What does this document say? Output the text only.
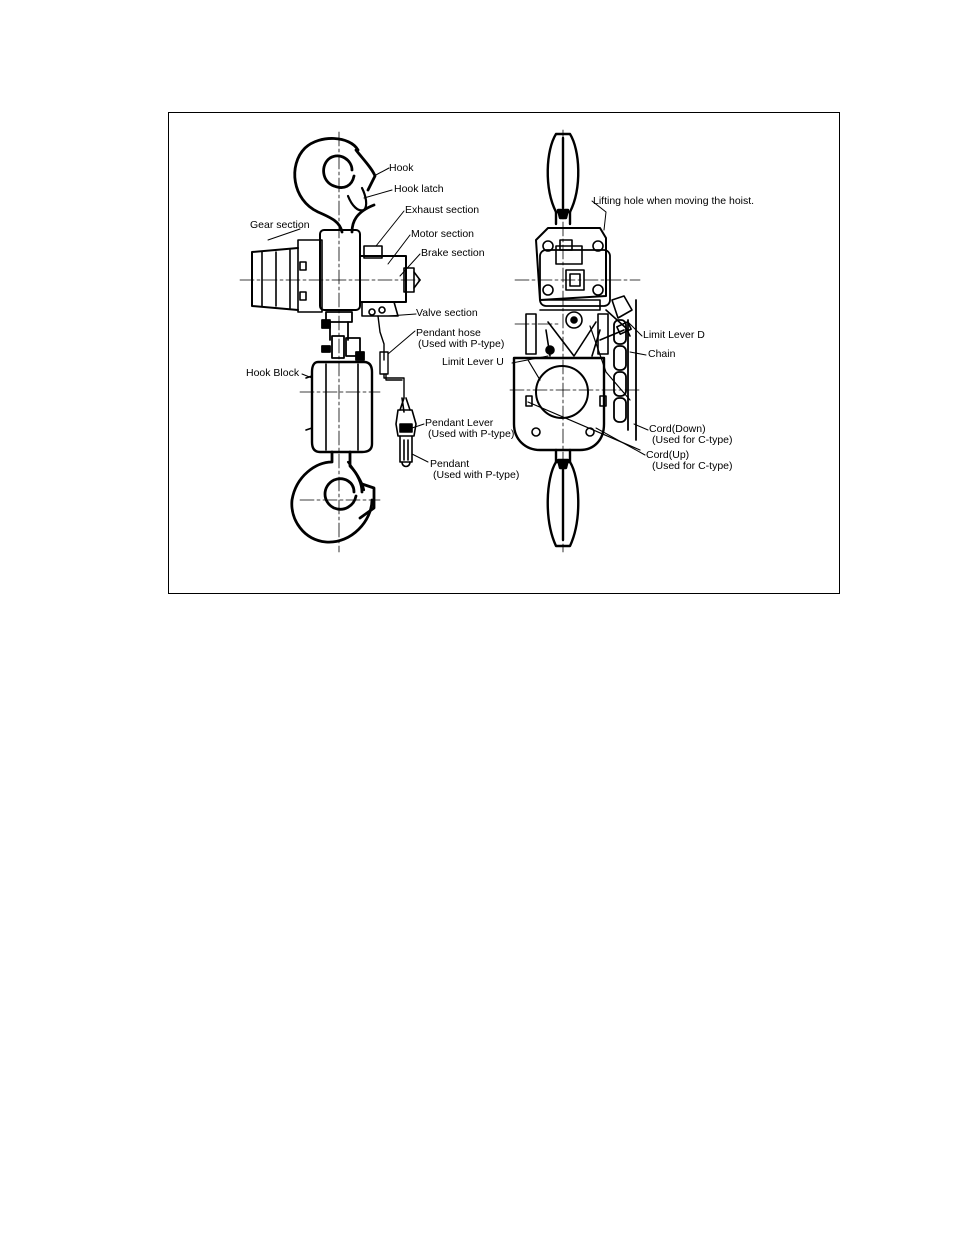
Hook
Hook latch
Gear section
Exhaust section
Motor section
Brake section
Valve section
Pendant hose
(Used with P-type)
Hook Block
Pendant Lever
(Used with P-type)
Pendant
(Used with P-type)
Lifting hole when moving the hoist.
Limit Lever D
Chain
Limit Lever U
Cord(Down)
(Used for C-type)
Cord(Up)
(Used for C-type)
